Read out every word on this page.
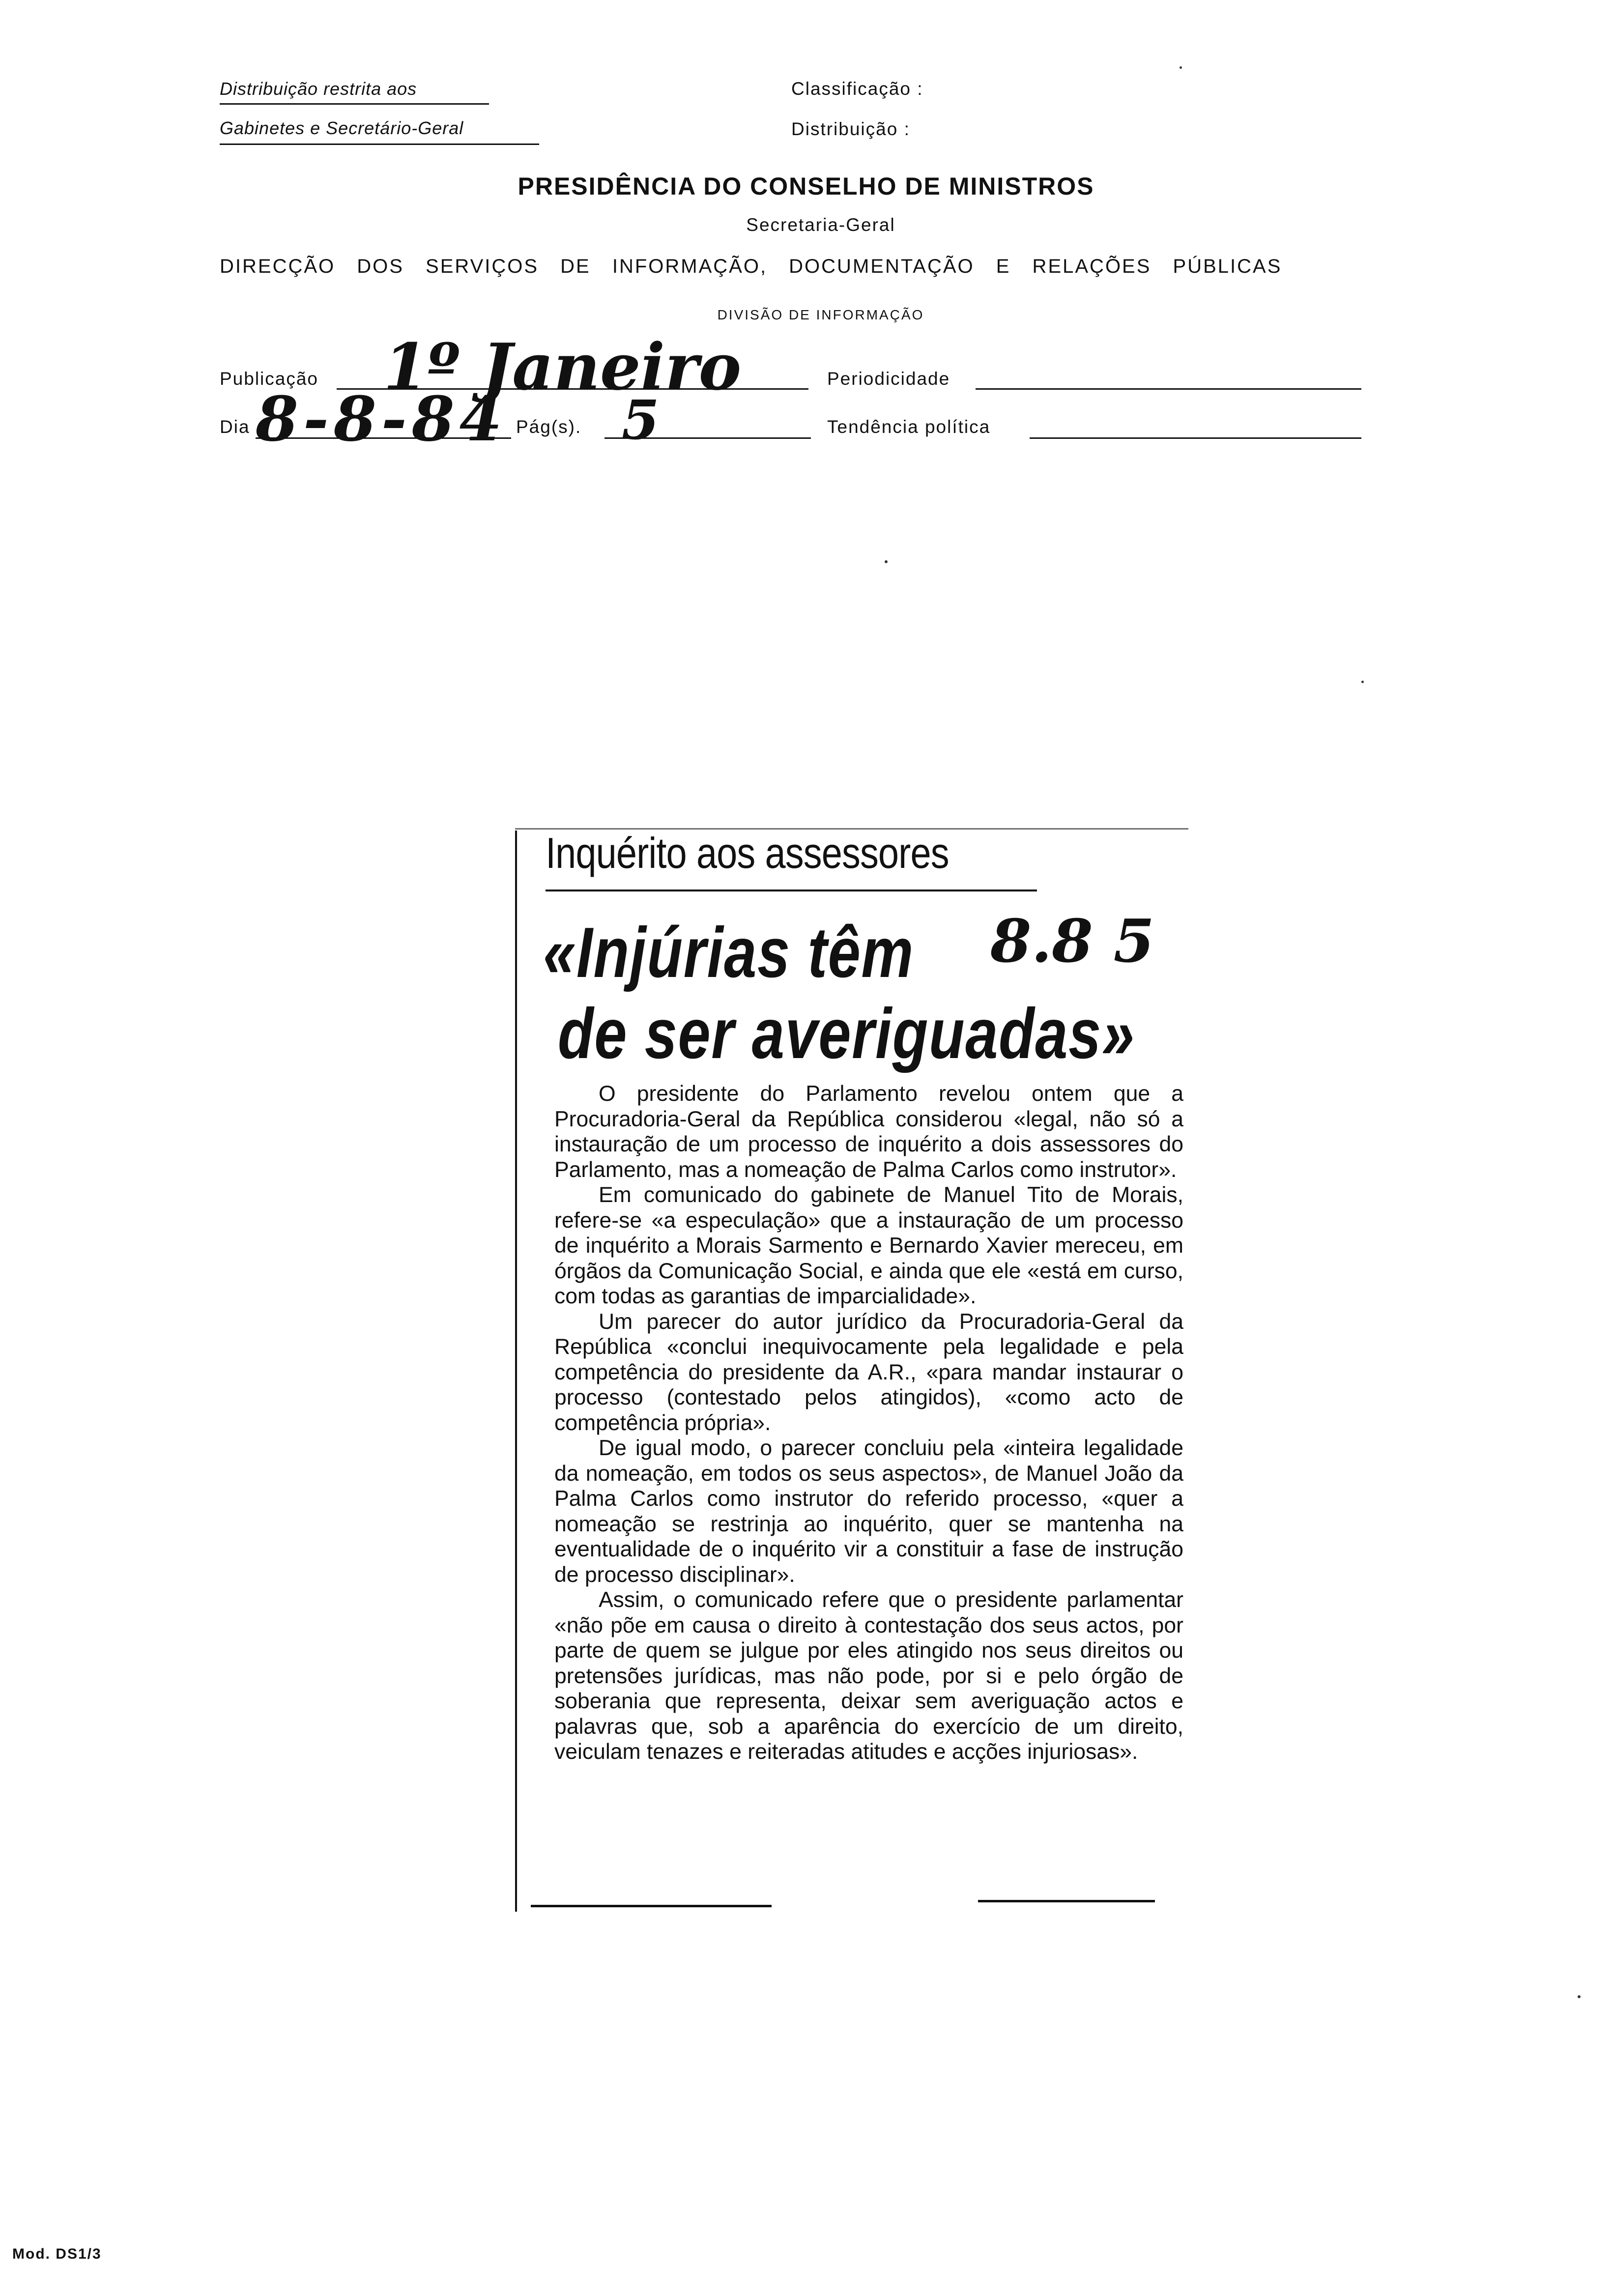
Distribuição restrita aos
Gabinetes e Secretário-Geral
Classificação :
Distribuição :
PRESIDÊNCIA DO CONSELHO DE MINISTROS
Secretaria-Geral
DIRECÇÃO DOS SERVIÇOS DE INFORMAÇÃO, DOCUMENTAÇÃO E RELAÇÕES PÚBLICAS
DIVISÃO DE INFORMAÇÃO
Publicação 1º Janeiro	Periodicidade
Dia 8-8-84 Pág(s). 5	Tendência política
Inquérito aos assessores
«Injúrias têm
de ser averiguadas»
8.8 5

O presidente do Parlamento revelou ontem que a Procuradoria-Geral da República considerou «legal, não só a instauração de um processo de inquérito a dois assessores do Parlamento, mas a nomeação de Palma Carlos como instrutor».

Em comunicado do gabinete de Manuel Tito de Morais, refere-se «a especulação» que a instauração de um processo de inquérito a Morais Sarmento e Bernardo Xavier mereceu, em órgãos da Comunicação Social, e ainda que ele «está em curso, com todas as garantias de imparcialidade».

Um parecer do autor jurídico da Procuradoria-Geral da República «conclui inequivocamente pela legalidade e pela competência do presidente da A.R., «para mandar instaurar o processo (contestado pelos atingidos), «como acto de competência própria».

De igual modo, o parecer concluiu pela «inteira legalidade da nomeação, em todos os seus aspectos», de Manuel João da Palma Carlos como instrutor do referido processo, «quer a nomeação se restrinja ao inquérito, quer se mantenha na eventualidade de o inquérito vir a constituir a fase de instrução de processo disciplinar».

Assim, o comunicado refere que o presidente parlamentar «não põe em causa o direito à contestação dos seus actos, por parte de quem se julgue por eles atingido nos seus direitos ou pretensões jurídicas, mas não pode, por si e pelo órgão de soberania que representa, deixar sem averiguação actos e palavras que, sob a aparência do exercício de um direito, veiculam tenazes e reiteradas atitudes e acções injuriosas».

Mod. DS1/3
